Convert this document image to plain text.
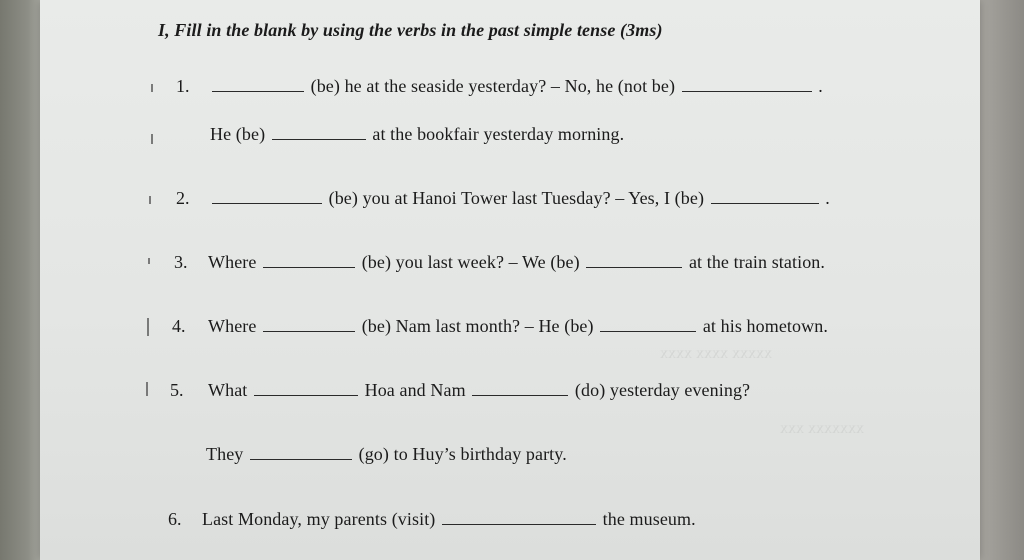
xxxxx xxxx xxxx
xxxxxxx xxx
I, Fill in the blank by using the verbs in the past simple tense (3ms)
1.	(be) he at the seaside yesterday? – No, he (not be)	.
He (be)	at the bookfair yesterday morning.
2.	(be) you at Hanoi Tower last Tuesday? – Yes, I (be)	.
3. Where	(be) you last week? – We (be)	at the train station.
4. Where	(be) Nam last month? – He (be)	at his hometown.
5. What	Hoa and Nam	(do) yesterday evening?
They	(go) to Huy’s birthday party.
6. Last Monday, my parents (visit)	the museum.
